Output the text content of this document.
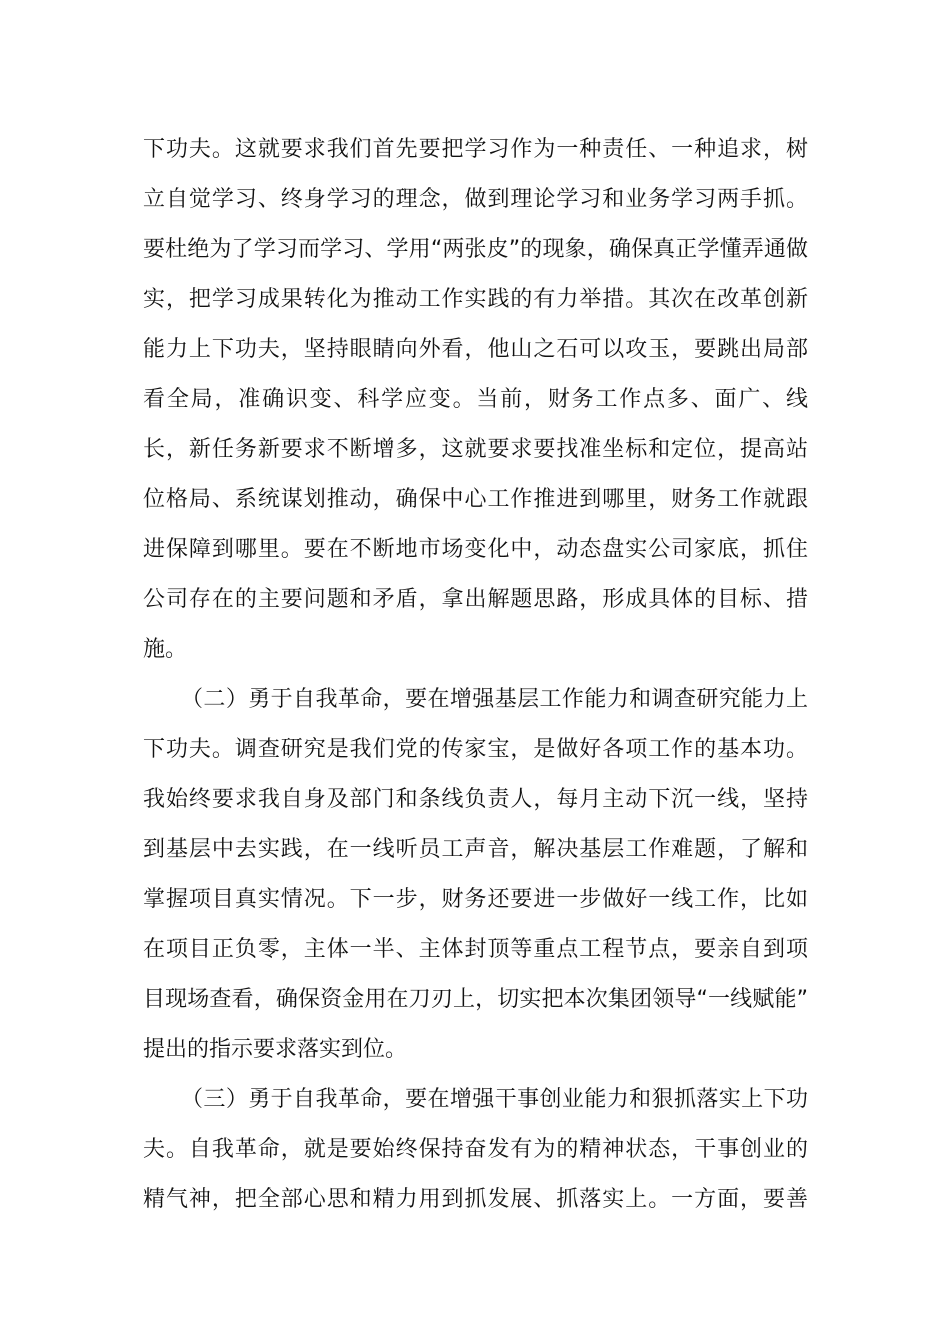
下功夫。这就要求我们首先要把学习作为一种责任、一种追求，树
立自觉学习、终身学习的理念，做到理论学习和业务学习两手抓。
要杜绝为了学习而学习、学用“两张皮”的现象，确保真正学懂弄通做
实，把学习成果转化为推动工作实践的有力举措。其次在改革创新
能力上下功夫，坚持眼睛向外看，他山之石可以攻玉，要跳出局部
看全局，准确识变、科学应变。当前，财务工作点多、面广、线
长，新任务新要求不断增多，这就要求要找准坐标和定位，提高站
位格局、系统谋划推动，确保中心工作推进到哪里，财务工作就跟
进保障到哪里。要在不断地市场变化中，动态盘实公司家底，抓住
公司存在的主要问题和矛盾，拿出解题思路，形成具体的目标、措
施。
（二）勇于自我革命，要在增强基层工作能力和调查研究能力上
下功夫。调查研究是我们党的传家宝，是做好各项工作的基本功。
我始终要求我自身及部门和条线负责人，每月主动下沉一线，坚持
到基层中去实践，在一线听员工声音，解决基层工作难题，了解和
掌握项目真实情况。下一步，财务还要进一步做好一线工作，比如
在项目正负零，主体一半、主体封顶等重点工程节点，要亲自到项
目现场查看，确保资金用在刀刃上，切实把本次集团领导“一线赋能”
提出的指示要求落实到位。
（三）勇于自我革命，要在增强干事创业能力和狠抓落实上下功
夫。自我革命，就是要始终保持奋发有为的精神状态，干事创业的
精气神，把全部心思和精力用到抓发展、抓落实上。一方面，要善
